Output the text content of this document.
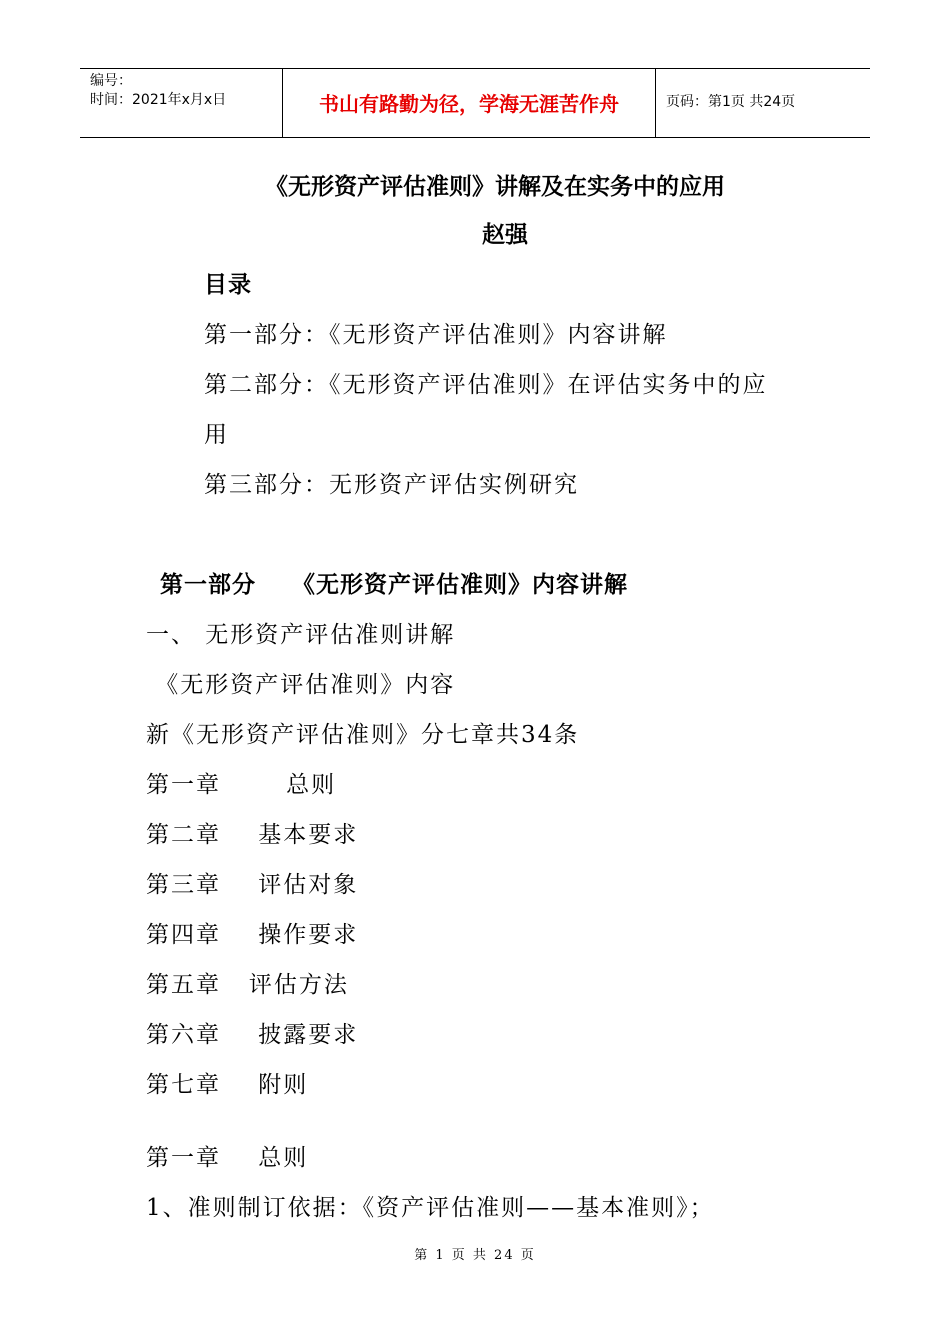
编号：
时间：2021年x月x日	书山有路勤为径，学海无涯苦作舟	页码：第1页 共24页
《无形资产评估准则》讲解及在实务中的应用
赵强
目录
第一部分：《无形资产评估准则》内容讲解
第二部分：《无形资产评估准则》在评估实务中的应
用
第三部分：无形资产评估实例研究
第一部分    《无形资产评估准则》内容讲解
一、 无形资产评估准则讲解
《无形资产评估准则》内容
新《无形资产评估准则》分七章共34条
第一章       总则
第二章    基本要求
第三章    评估对象
第四章    操作要求
第五章   评估方法
第六章    披露要求
第七章    附则
第一章    总则
1、准则制订依据：《资产评估准则——基本准则》；
第 1 页 共 24 页
